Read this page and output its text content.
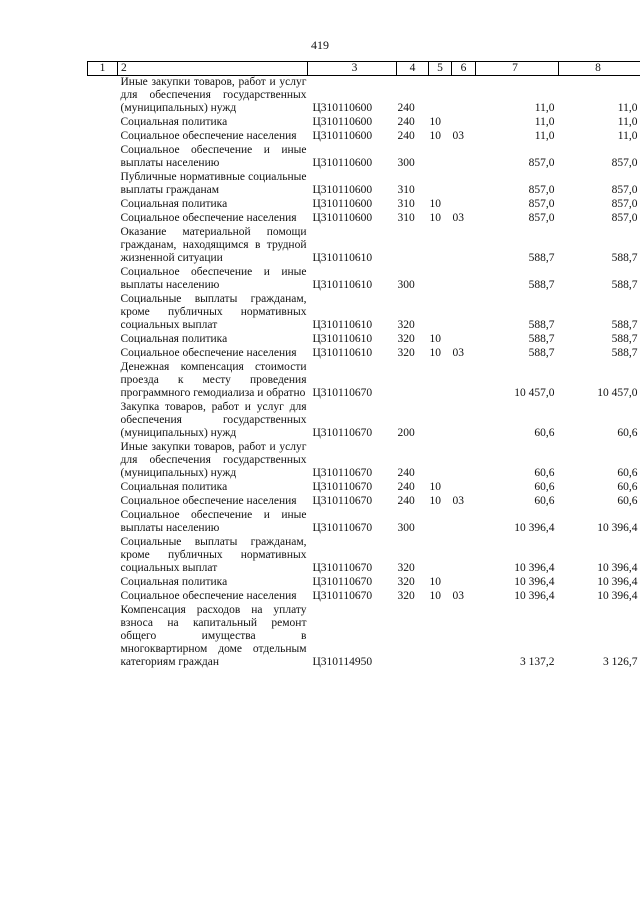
419
1	2	3	4	5	6	7	8
	Иные закупки товаров, работ и услуг для обеспечения государственных (муниципальных) нужд	Ц310110600	240			11,0	11,0
	Социальная политика	Ц310110600	240	10		11,0	11,0
	Социальное обеспечение населения	Ц310110600	240	10	03	11,0	11,0
	Социальное обеспечение и иные выплаты населению	Ц310110600	300			857,0	857,0
	Публичные нормативные социальные выплаты гражданам	Ц310110600	310			857,0	857,0
	Социальная политика	Ц310110600	310	10		857,0	857,0
	Социальное обеспечение населения	Ц310110600	310	10	03	857,0	857,0
	Оказание материальной помощи гражданам, находящимся в трудной жизненной ситуации	Ц310110610				588,7	588,7
	Социальное обеспечение и иные выплаты населению	Ц310110610	300			588,7	588,7
	Социальные выплаты гражданам, кроме публичных нормативных социальных выплат	Ц310110610	320			588,7	588,7
	Социальная политика	Ц310110610	320	10		588,7	588,7
	Социальное обеспечение населения	Ц310110610	320	10	03	588,7	588,7
	Денежная компенсация стоимости проезда к месту проведения программного гемодиализа и обратно	Ц310110670				10 457,0	10 457,0
	Закупка товаров, работ и услуг для обеспечения государственных (муниципальных) нужд	Ц310110670	200			60,6	60,6
	Иные закупки товаров, работ и услуг для обеспечения государственных (муниципальных) нужд	Ц310110670	240			60,6	60,6
	Социальная политика	Ц310110670	240	10		60,6	60,6
	Социальное обеспечение населения	Ц310110670	240	10	03	60,6	60,6
	Социальное обеспечение и иные выплаты населению	Ц310110670	300			10 396,4	10 396,4
	Социальные выплаты гражданам, кроме публичных нормативных социальных выплат	Ц310110670	320			10 396,4	10 396,4
	Социальная политика	Ц310110670	320	10		10 396,4	10 396,4
	Социальное обеспечение населения	Ц310110670	320	10	03	10 396,4	10 396,4
	Компенсация расходов на уплату взноса на капитальный ремонт общего имущества в многоквартирном доме отдельным категориям граждан	Ц310114950				3 137,2	3 126,7
